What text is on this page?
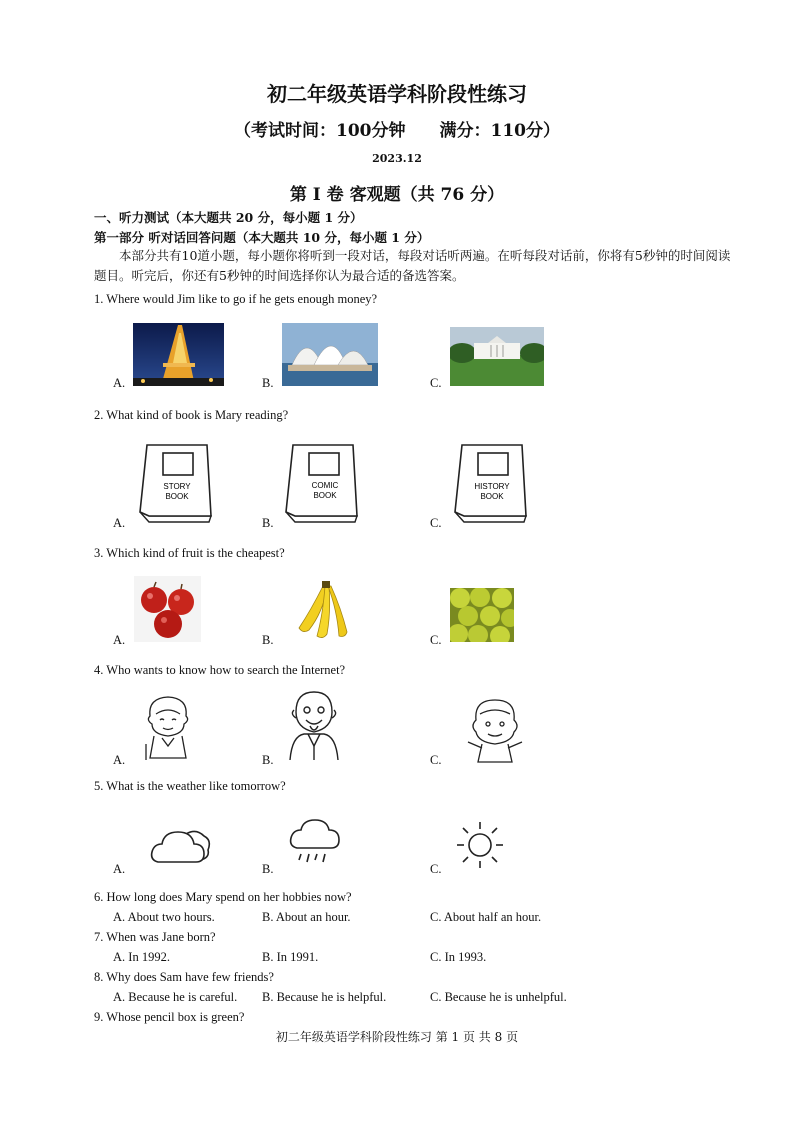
初二年级英语学科阶段性练习
（考试时间：100分钟　　满分：110分）
2023.12
第 I 卷 客观题（共 76 分）
一、听力测试（本大题共 20 分，每小题 1 分）
第一部分 听对话回答问题（本大题共 10 分，每小题 1 分）
本部分共有10道小题，每小题你将听到一段对话，每段对话听两遍。在听每段对话前，你将有5秒钟的时间阅读题目。听完后，你还有5秒钟的时间选择你认为最合适的备选答案。
1. Where would Jim like to go if he gets enough money?
A.	B.	C.
2. What kind of book is Mary reading?
A.	B.	C.
STORY
BOOK
COMIC
BOOK
HISTORY
BOOK
3. Which kind of fruit is the cheapest?
A.	B.	C.
4. Who wants to know how to search the Internet?
A.	B.	C.
5. What is the weather like tomorrow?
A.	B.	C.
6. How long does Mary spend on her hobbies now?
A. About two hours.	B. About an hour.	C. About half an hour.
7. When was Jane born?
A. In 1992.	B. In 1991.	C. In 1993.
8. Why does Sam have few friends?
A. Because he is careful. B. Because he is helpful.	C. Because he is unhelpful.
9. Whose pencil box is green?
初二年级英语学科阶段性练习 第 1 页 共 8 页
